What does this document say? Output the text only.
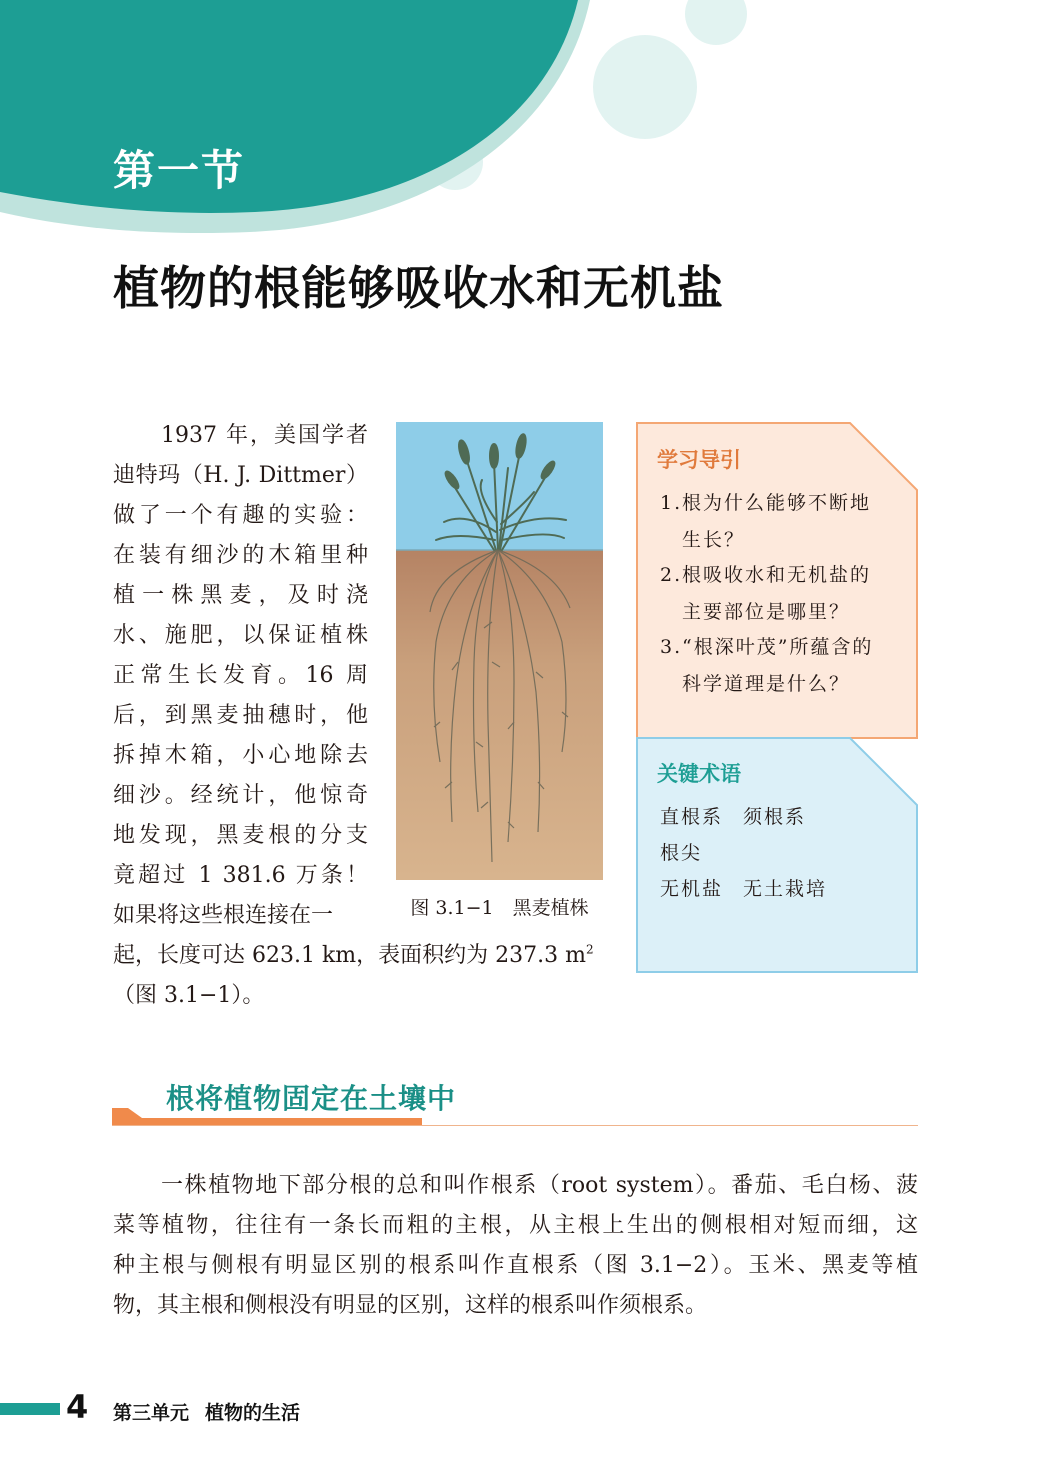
第一节
植物的根能够吸收水和无机盐
1937 年，美国学者
迪特玛（H. J. Dittmer）
做了一个有趣的实验：
在装有细沙的木箱里种
植一株黑麦，及时浇
水、施肥，以保证植株
正常生长发育。16 周
后，到黑麦抽穗时，他
拆掉木箱，小心地除去
细沙。经统计，他惊奇
地发现，黑麦根的分支
竟超过 1 381.6 万条！
如果将这些根连接在一
起，长度可达 623.1 km，表面积约为 237.3 $m^2$
（图 3.1−1）。
图 3.1−1　黑麦植株
学习导引
1.根为什么能够不断地
生长？
2.根吸收水和无机盐的
主要部位是哪里？
3.“根深叶茂”所蕴含的
科学道理是什么？
关键术语
直根系 须根系
根尖
无机盐 无土栽培
根将植物固定在土壤中
一株植物地下部分根的总和叫作根系（root system）。番茄、毛白杨、菠
菜等植物，往往有一条长而粗的主根，从主根上生出的侧根相对短而细，这
种主根与侧根有明显区别的根系叫作直根系（图 3.1−2）。玉米、黑麦等植
物，其主根和侧根没有明显的区别，这样的根系叫作须根系。
4 第三单元 植物的生活
